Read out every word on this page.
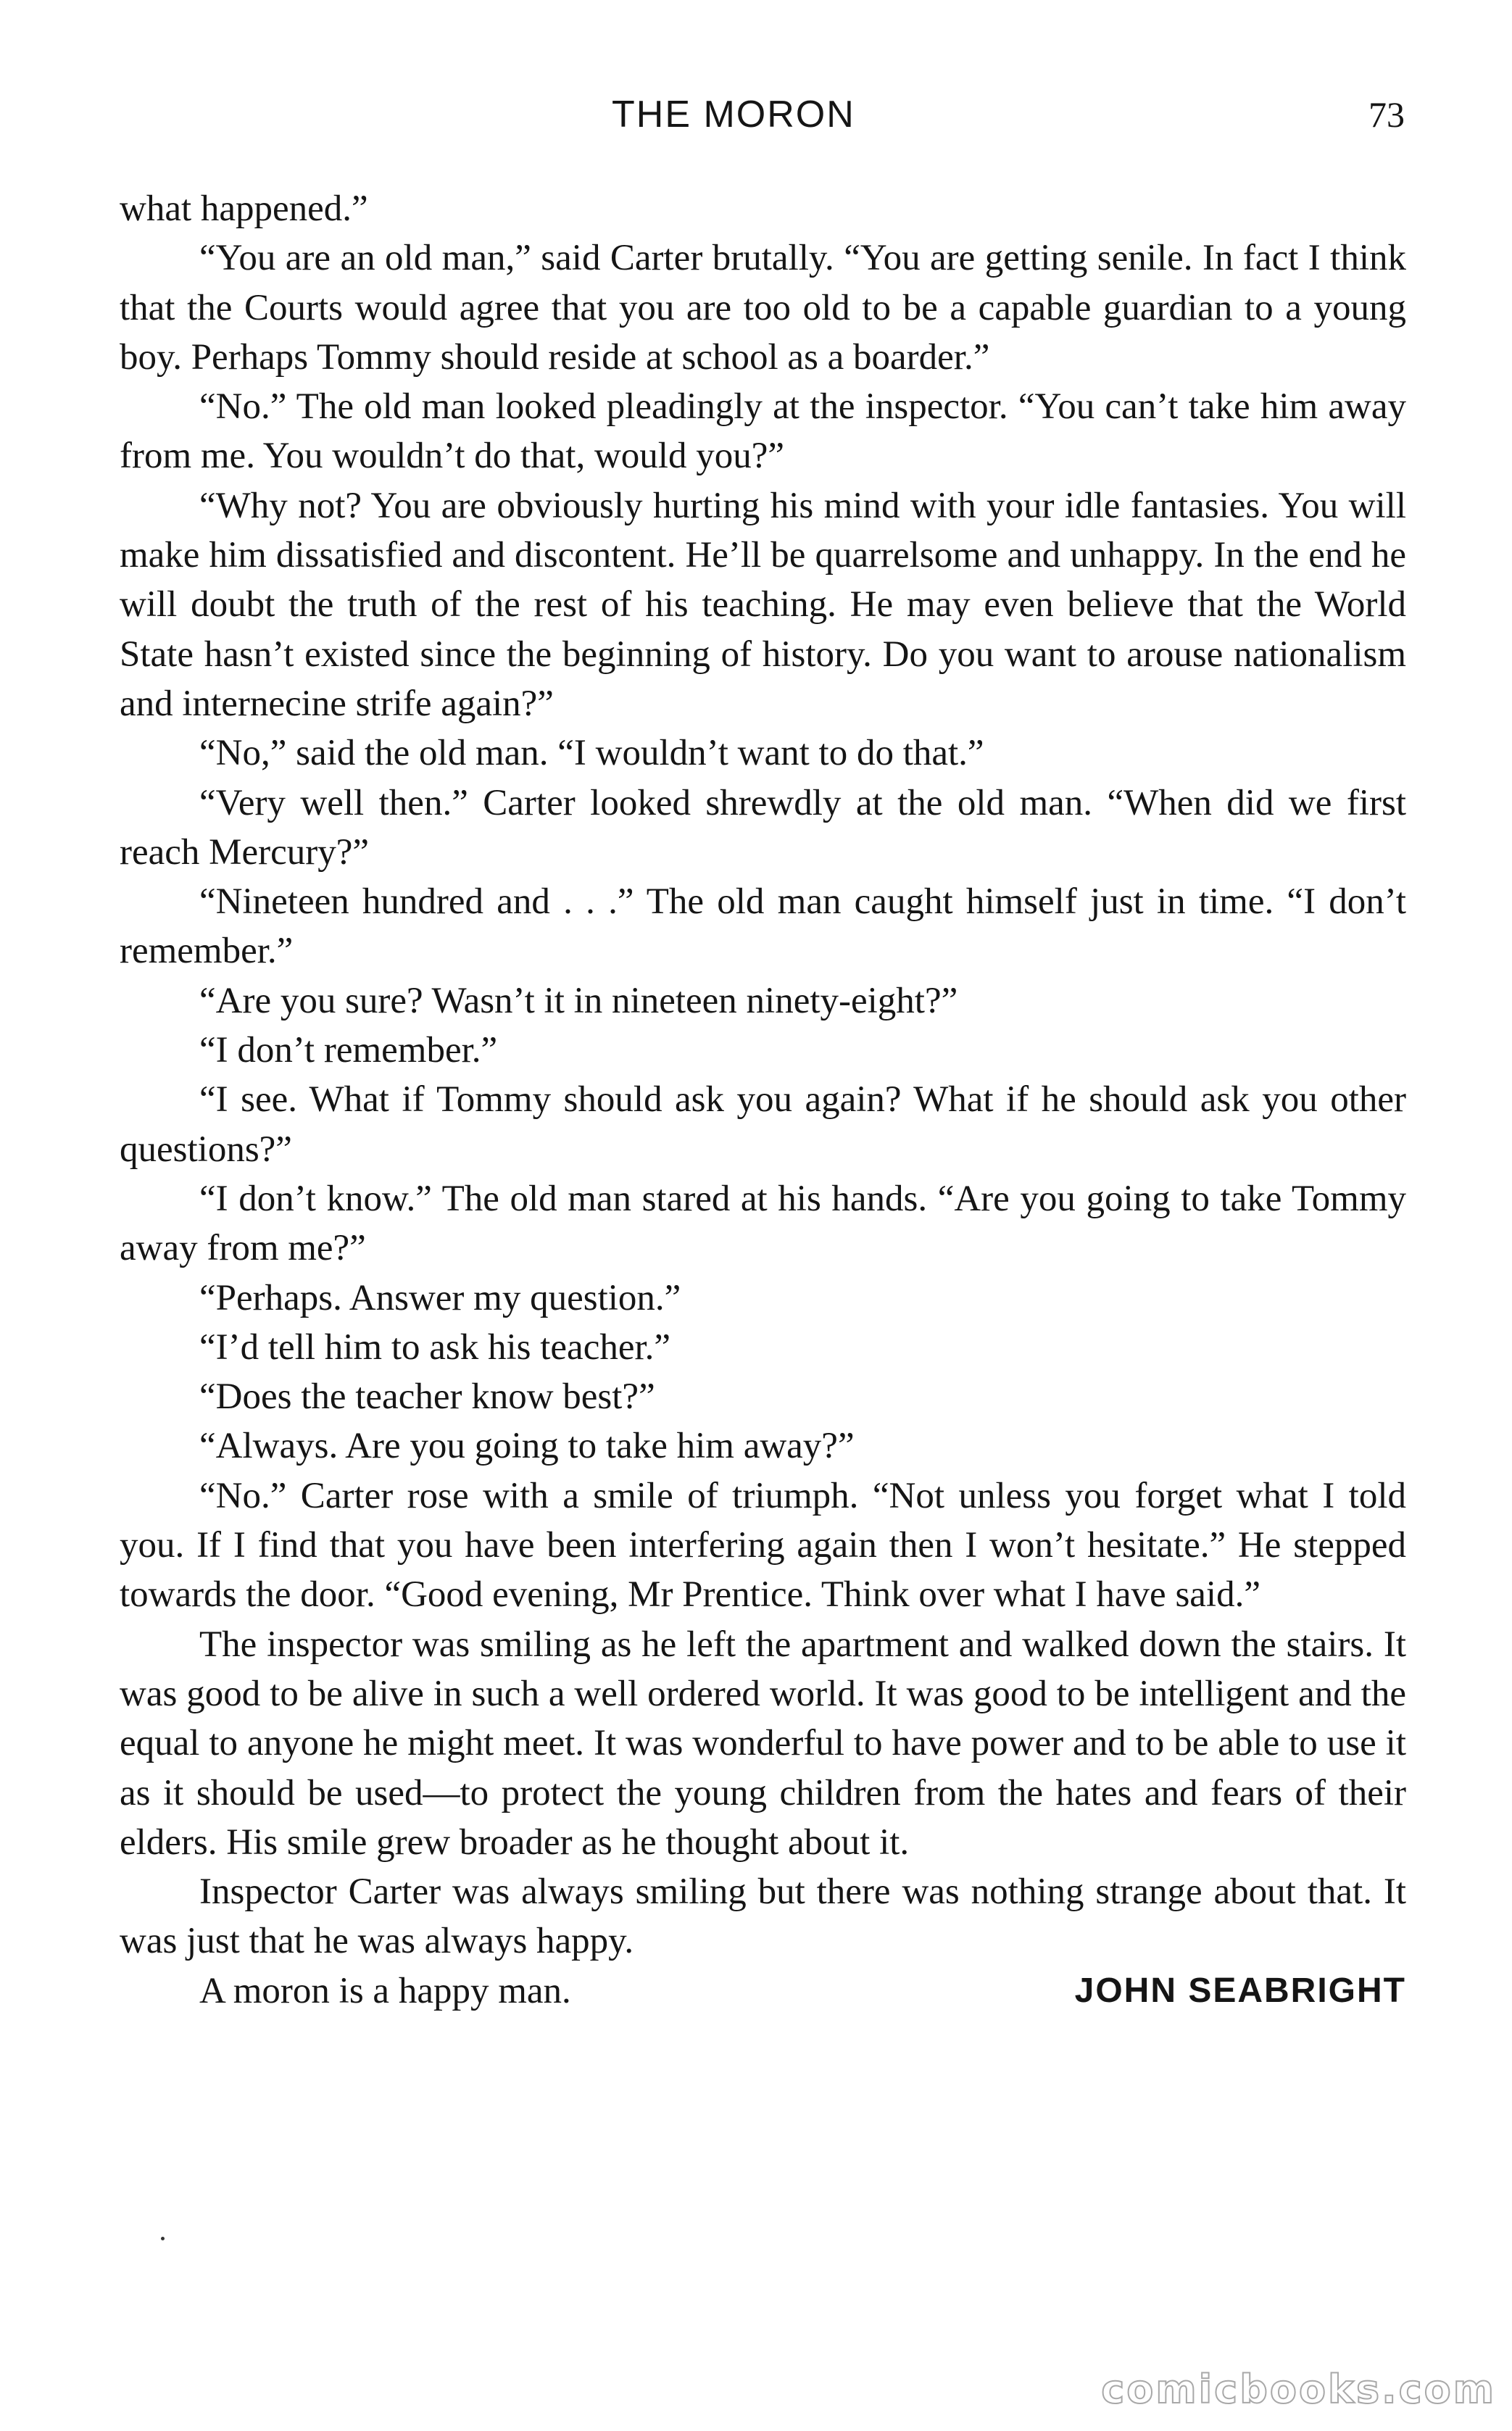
THE MORON	73

what happened.”

“You are an old man,” said Carter brutally. “You are getting senile. In fact I think that the Courts would agree that you are too old to be a capable guardian to a young boy. Perhaps Tommy should reside at school as a boarder.”

“No.” The old man looked pleadingly at the inspector. “You can’t take him away from me. You wouldn’t do that, would you?”

“Why not? You are obviously hurting his mind with your idle fantasies. You will make him dissatisfied and discontent. He’ll be quarrelsome and unhappy. In the end he will doubt the truth of the rest of his teaching. He may even believe that the World State hasn’t existed since the beginning of history. Do you want to arouse nationalism and internecine strife again?”

“No,” said the old man. “I wouldn’t want to do that.”

“Very well then.” Carter looked shrewdly at the old man. “When did we first reach Mercury?”

“Nineteen hundred and . . .” The old man caught himself just in time. “I don’t remember.”

“Are you sure? Wasn’t it in nineteen ninety-eight?”

“I don’t remember.”

“I see. What if Tommy should ask you again? What if he should ask you other questions?”

“I don’t know.” The old man stared at his hands. “Are you going to take Tommy away from me?”

“Perhaps. Answer my question.”

“I’d tell him to ask his teacher.”

“Does the teacher know best?”

“Always. Are you going to take him away?”

“No.” Carter rose with a smile of triumph. “Not unless you forget what I told you. If I find that you have been interfering again then I won’t hesitate.” He stepped towards the door. “Good evening, Mr Prentice. Think over what I have said.”

The inspector was smiling as he left the apartment and walked down the stairs. It was good to be alive in such a well ordered world. It was good to be intelligent and the equal to anyone he might meet. It was wonderful to have power and to be able to use it as it should be used—to protect the young children from the hates and fears of their elders. His smile grew broader as he thought about it.

Inspector Carter was always smiling but there was nothing strange about that. It was just that he was always happy.

A moron is a happy man.	JOHN SEABRIGHT

comicbooks.com
